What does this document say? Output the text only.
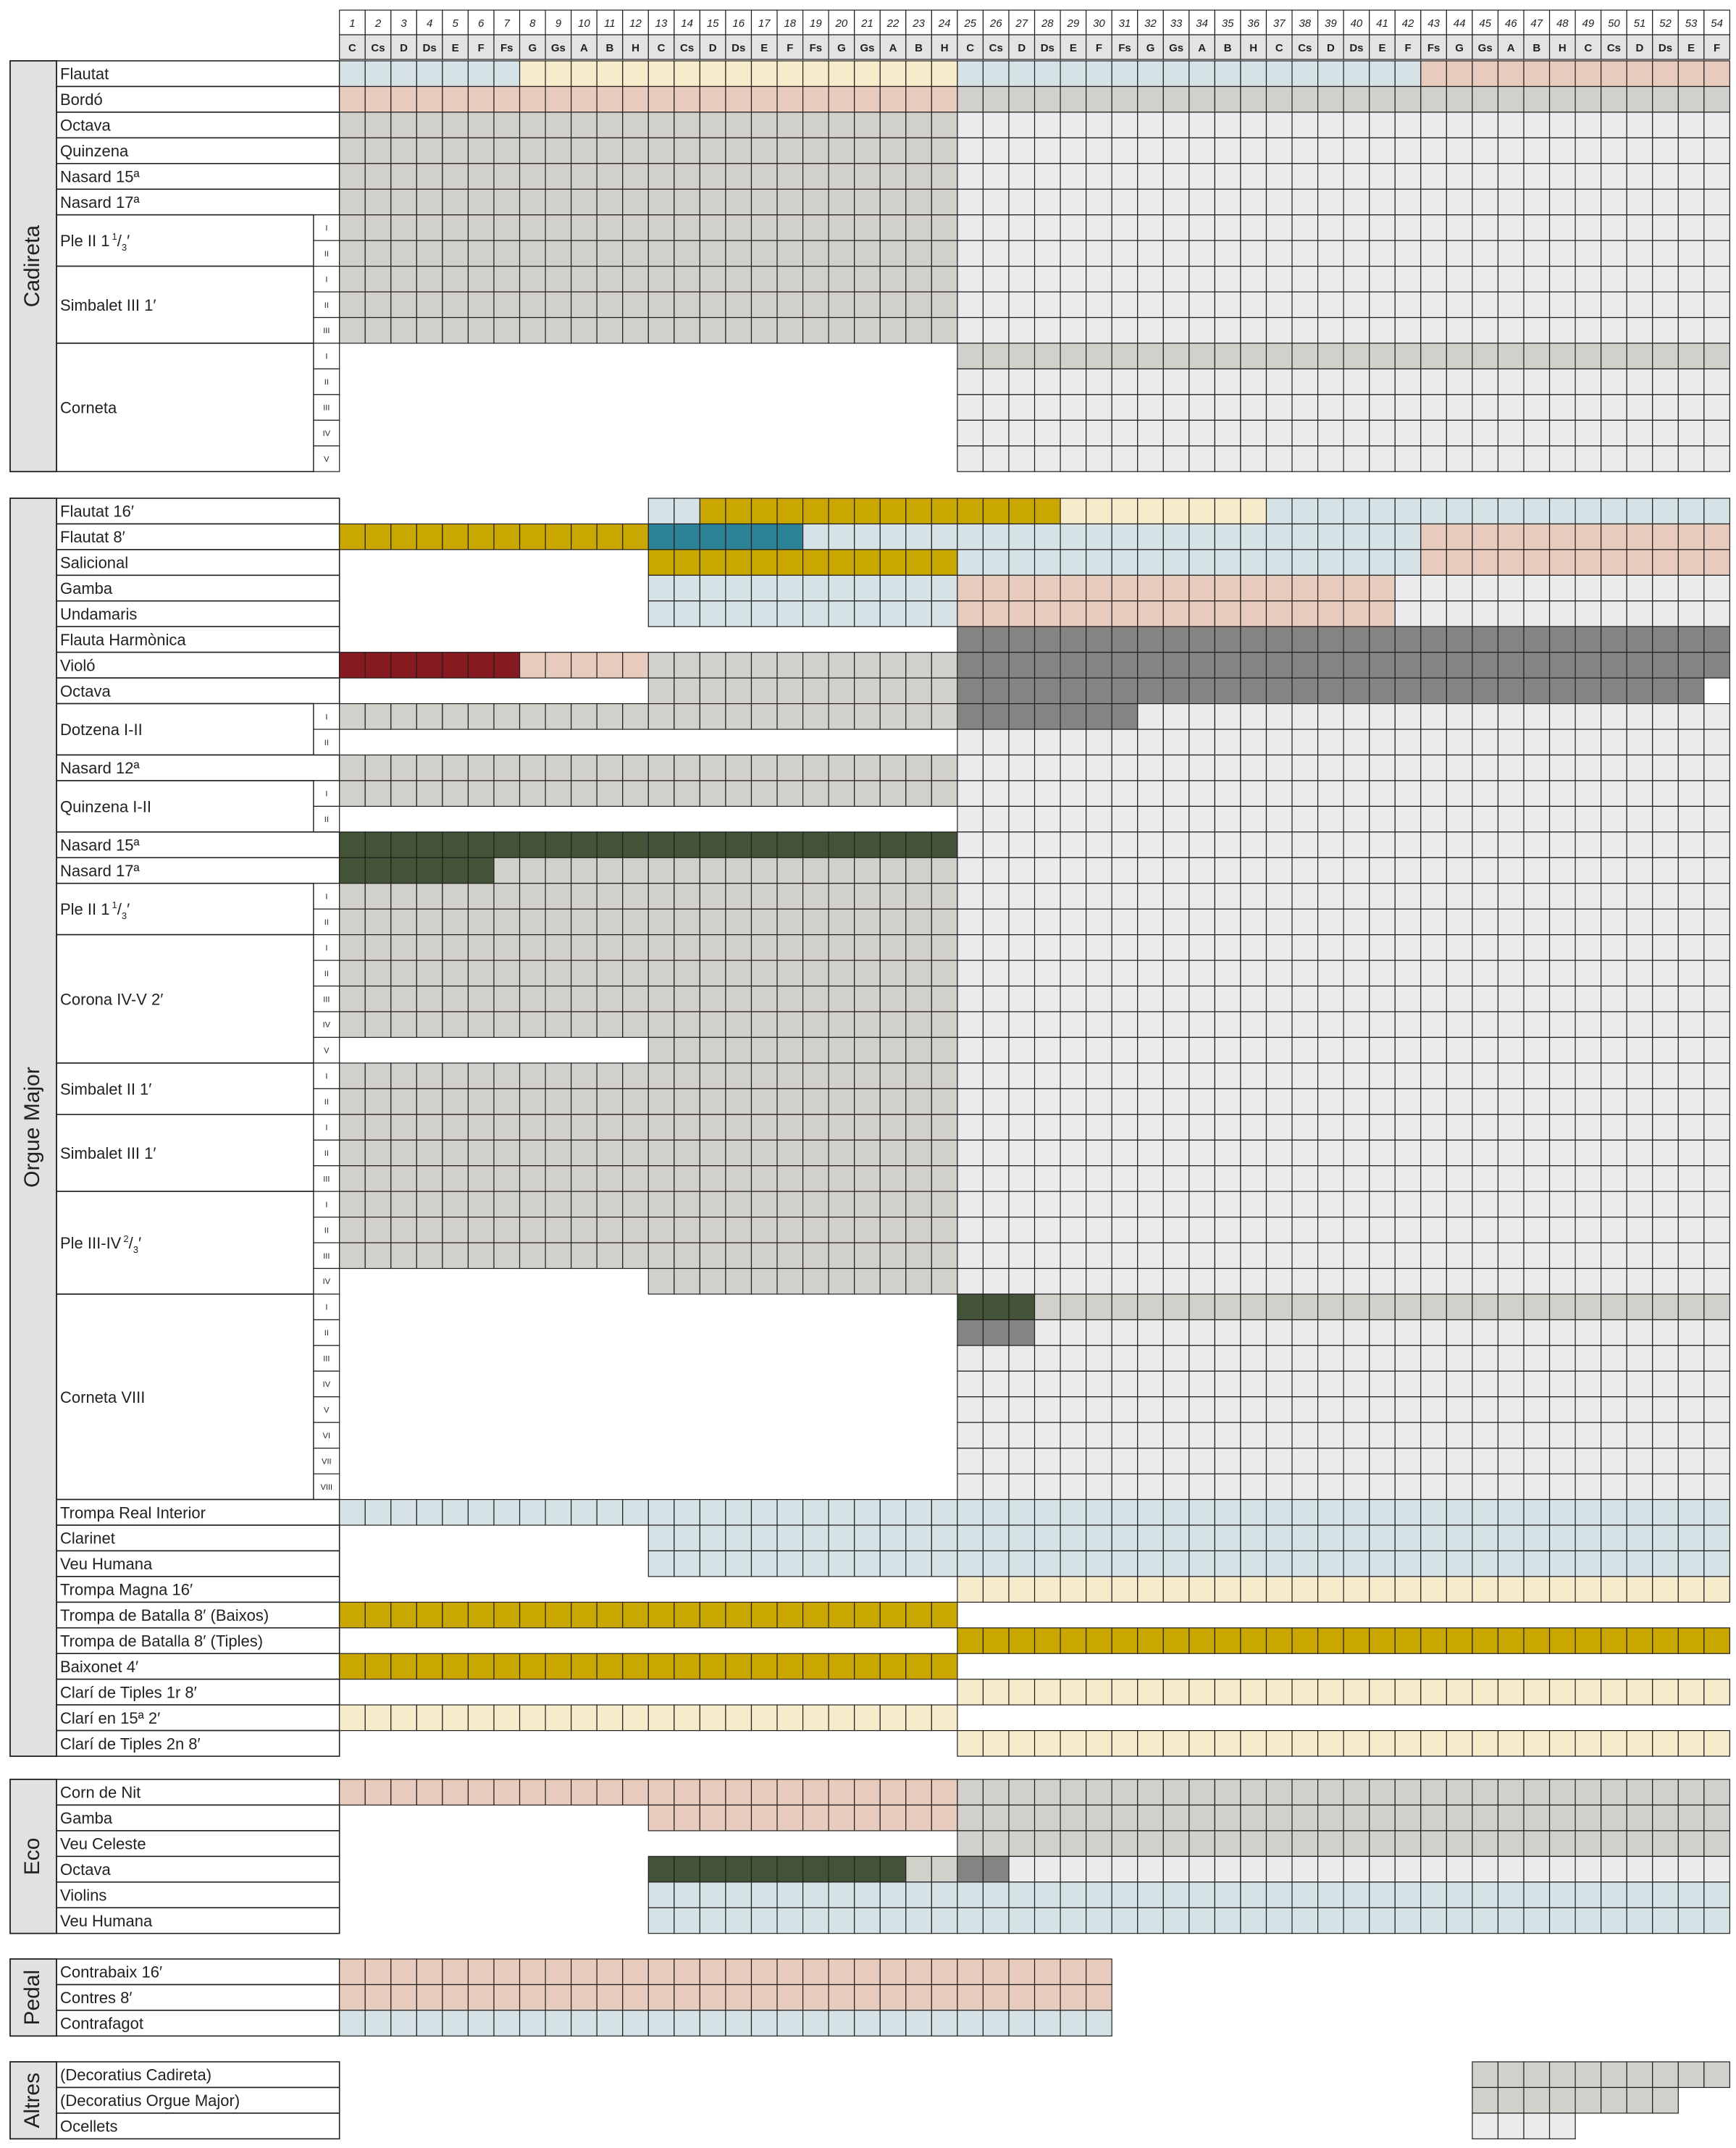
1 2 3 4 5 6 7 8 9 10 11 12 13 14 15 16 17 18 19 20 21 22 23 24 25 26 27 28 29 30 31 32 33 34 35 36 37 38 39 40 41 42 43 44 45 46 47 48 49 50 51 52 53 54
C Cs D Ds E F Fs G Gs A B H C Cs D Ds E F Fs G Gs A B H C Cs D Ds E F Fs G Gs A B H C Cs D Ds E F Fs G Gs A B H C Cs D Ds E F
Flautat
Bordó
Octava
Quinzena
Nasard 15ª
Nasard 17ª
Ple II 1 $^1/_3'$
I
II
Simbalet III 1′
I
II
III
Corneta
I
II
III
IV
V
Cadireta
Flautat 16′
Flautat 8′
Salicional
Gamba
Undamaris
Flauta Harmònica
Violó
Octava
Dotzena I-II
I
II
Nasard 12ª
Quinzena I-II
I
II
Nasard 15ª
Nasard 17ª
Ple II 1 $^1/_3'$
I
II
Corona IV-V 2′
I
II
III
IV
V
Simbalet II 1′
I
II
Simbalet III 1′
I
II
III
Ple III-IV $^2/_3'$
I
II
III
IV
Corneta VIII
I
II
III
IV
V
VI
VII
VIII
Trompa Real Interior
Clarinet
Veu Humana
Trompa Magna 16′
Trompa de Batalla 8′ (Baixos)
Trompa de Batalla 8′ (Tiples)
Baixonet 4′
Clarí de Tiples 1r 8′
Clarí en 15ª 2′
Clarí de Tiples 2n 8′
Orgue Major
Corn de Nit
Gamba
Veu Celeste
Octava
Violins
Veu Humana
Eco
Contrabaix 16′
Contres 8′
Contrafagot
Pedal
(Decoratius Cadireta)
(Decoratius Orgue Major)
Ocellets
Altres
